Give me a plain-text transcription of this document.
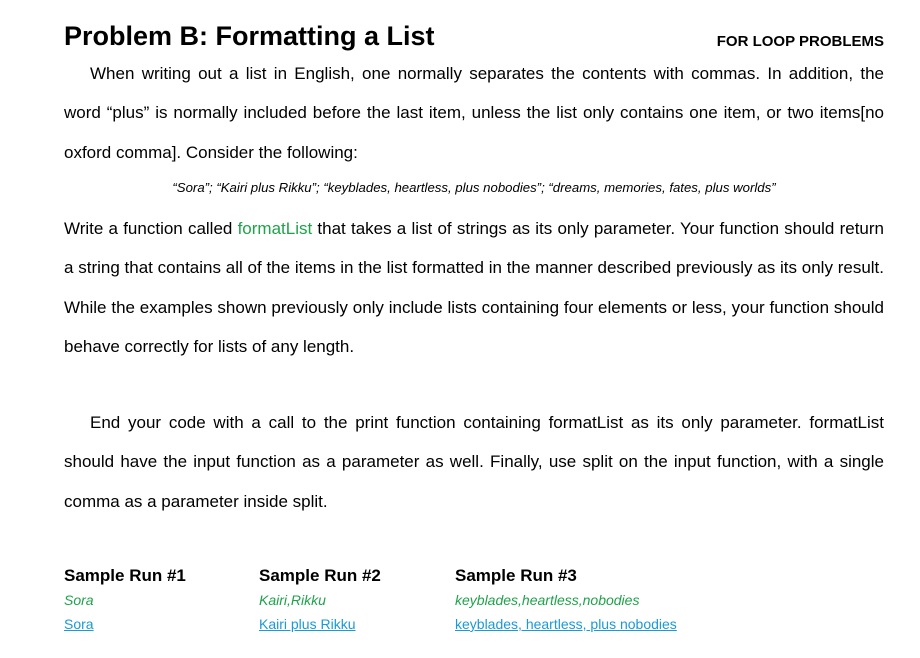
Problem B: Formatting a List	FOR LOOP PROBLEMS

When writing out a list in English, one normally separates the contents with commas. In addition, the word “plus” is normally included before the last item, unless the list only contains one item, or two items[no oxford comma]. Consider the following:

“Sora”; “Kairi plus Rikku”; “keyblades, heartless, plus nobodies”; “dreams, memories, fates, plus worlds”

Write a function called formatList that takes a list of strings as its only parameter. Your function should return a string that contains all of the items in the list formatted in the manner described previously as its only result. While the examples shown previously only include lists containing four elements or less, your function should behave correctly for lists of any length.

End your code with a call to the print function containing formatList as its only parameter. formatList should have the input function as a parameter as well. Finally, use split on the input function, with a single comma as a parameter inside split.

Sample Run #1
Sora
Sora
Sample Run #2
Kairi,Rikku
Kairi plus Rikku
Sample Run #3
keyblades,heartless,nobodies
keyblades, heartless, plus nobodies
